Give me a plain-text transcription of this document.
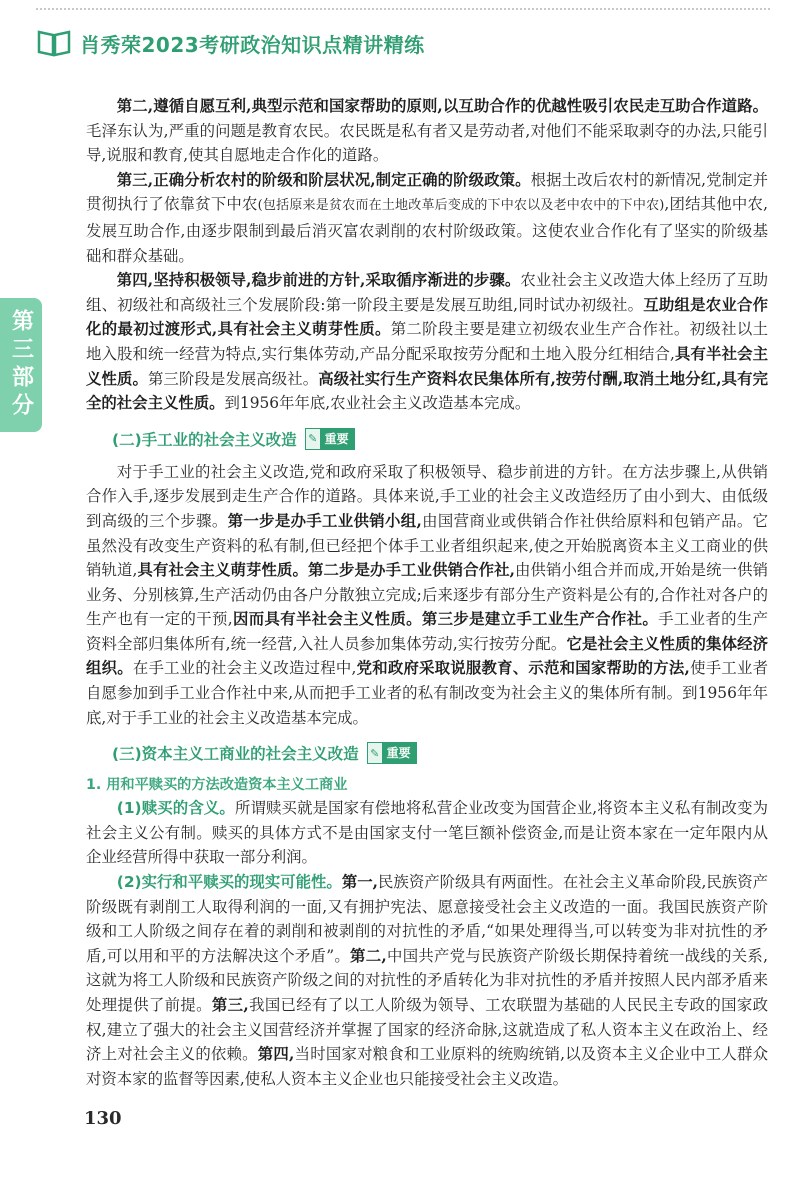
肖秀荣2023考研政治知识点精讲精练
第三部分

第二,遵循自愿互利,典型示范和国家帮助的原则,以互助合作的优越性吸引农民走互助合作道路。毛泽东认为,严重的问题是教育农民。农民既是私有者又是劳动者,对他们不能采取剥夺的办法,只能引导,说服和教育,使其自愿地走合作化的道路。

第三,正确分析农村的阶级和阶层状况,制定正确的阶级政策。根据土改后农村的新情况,党制定并贯彻执行了依靠贫下中农(包括原来是贫农而在土地改革后变成的下中农以及老中农中的下中农),团结其他中农,发展互助合作,由逐步限制到最后消灭富农剥削的农村阶级政策。这使农业合作化有了坚实的阶级基础和群众基础。

第四,坚持积极领导,稳步前进的方针,采取循序渐进的步骤。农业社会主义改造大体上经历了互助组、初级社和高级社三个发展阶段:第一阶段主要是发展互助组,同时试办初级社。互助组是农业合作化的最初过渡形式,具有社会主义萌芽性质。第二阶段主要是建立初级农业生产合作社。初级社以土地入股和统一经营为特点,实行集体劳动,产品分配采取按劳分配和土地入股分红相结合,具有半社会主义性质。第三阶段是发展高级社。高级社实行生产资料农民集体所有,按劳付酬,取消土地分红,具有完全的社会主义性质。到1956年年底,农业社会主义改造基本完成。

(二)手工业的社会主义改造 ✎ 重要

对于手工业的社会主义改造,党和政府采取了积极领导、稳步前进的方针。在方法步骤上,从供销合作入手,逐步发展到走生产合作的道路。具体来说,手工业的社会主义改造经历了由小到大、由低级到高级的三个步骤。第一步是办手工业供销小组,由国营商业或供销合作社供给原料和包销产品。它虽然没有改变生产资料的私有制,但已经把个体手工业者组织起来,使之开始脱离资本主义工商业的供销轨道,具有社会主义萌芽性质。第二步是办手工业供销合作社,由供销小组合并而成,开始是统一供销业务、分别核算,生产活动仍由各户分散独立完成;后来逐步有部分生产资料是公有的,合作社对各户的生产也有一定的干预,因而具有半社会主义性质。第三步是建立手工业生产合作社。手工业者的生产资料全部归集体所有,统一经营,入社人员参加集体劳动,实行按劳分配。它是社会主义性质的集体经济组织。在手工业的社会主义改造过程中,党和政府采取说服教育、示范和国家帮助的方法,使手工业者自愿参加到手工业合作社中来,从而把手工业者的私有制改变为社会主义的集体所有制。到1956年年底,对于手工业的社会主义改造基本完成。

(三)资本主义工商业的社会主义改造 ✎ 重要
1. 用和平赎买的方法改造资本主义工商业

(1)赎买的含义。所谓赎买就是国家有偿地将私营企业改变为国营企业,将资本主义私有制改变为社会主义公有制。赎买的具体方式不是由国家支付一笔巨额补偿资金,而是让资本家在一定年限内从企业经营所得中获取一部分利润。

(2)实行和平赎买的现实可能性。第一,民族资产阶级具有两面性。在社会主义革命阶段,民族资产阶级既有剥削工人取得利润的一面,又有拥护宪法、愿意接受社会主义改造的一面。我国民族资产阶级和工人阶级之间存在着的剥削和被剥削的对抗性的矛盾,“如果处理得当,可以转变为非对抗性的矛盾,可以用和平的方法解决这个矛盾”。第二,中国共产党与民族资产阶级长期保持着统一战线的关系,这就为将工人阶级和民族资产阶级之间的对抗性的矛盾转化为非对抗性的矛盾并按照人民内部矛盾来处理提供了前提。第三,我国已经有了以工人阶级为领导、工农联盟为基础的人民民主专政的国家政权,建立了强大的社会主义国营经济并掌握了国家的经济命脉,这就造成了私人资本主义在政治上、经济上对社会主义的依赖。第四,当时国家对粮食和工业原料的统购统销,以及资本主义企业中工人群众对资本家的监督等因素,使私人资本主义企业也只能接受社会主义改造。

130
